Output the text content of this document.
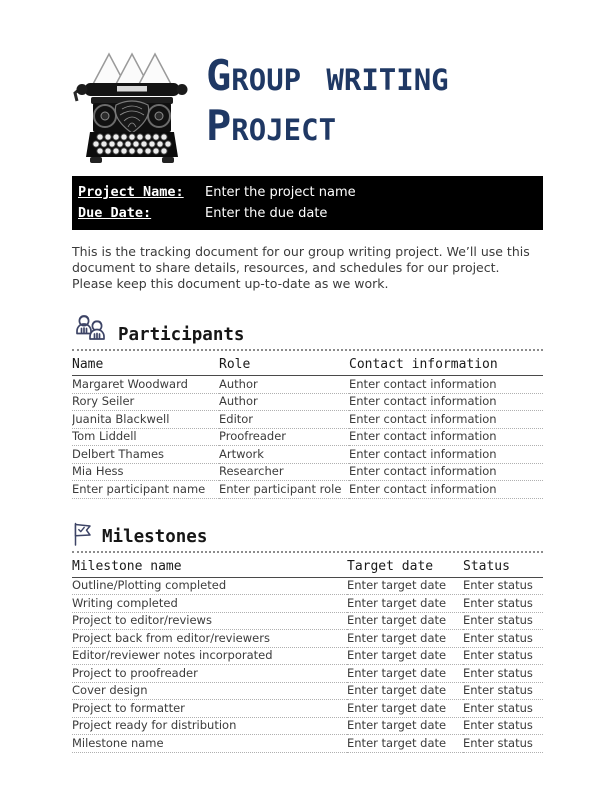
Group writing
Project
Project Name:	Enter the project name
Due Date:	Enter the due date

This is the tracking document for our group writing project. We’ll use this document to share details, resources, and schedules for our project. Please keep this document up-to-date as we work.

Participants
Name	Role	Contact information
Margaret Woodward	Author	Enter contact information
Rory Seiler	Author	Enter contact information
Juanita Blackwell	Editor	Enter contact information
Tom Liddell	Proofreader	Enter contact information
Delbert Thames	Artwork	Enter contact information
Mia Hess	Researcher	Enter contact information
Enter participant name	Enter participant role	Enter contact information
Milestones
Milestone name	Target date	Status
Outline/Plotting completed	Enter target date	Enter status
Writing completed	Enter target date	Enter status
Project to editor/reviews	Enter target date	Enter status
Project back from editor/reviewers	Enter target date	Enter status
Editor/reviewer notes incorporated	Enter target date	Enter status
Project to proofreader	Enter target date	Enter status
Cover design	Enter target date	Enter status
Project to formatter	Enter target date	Enter status
Project ready for distribution	Enter target date	Enter status
Milestone name	Enter target date	Enter status
